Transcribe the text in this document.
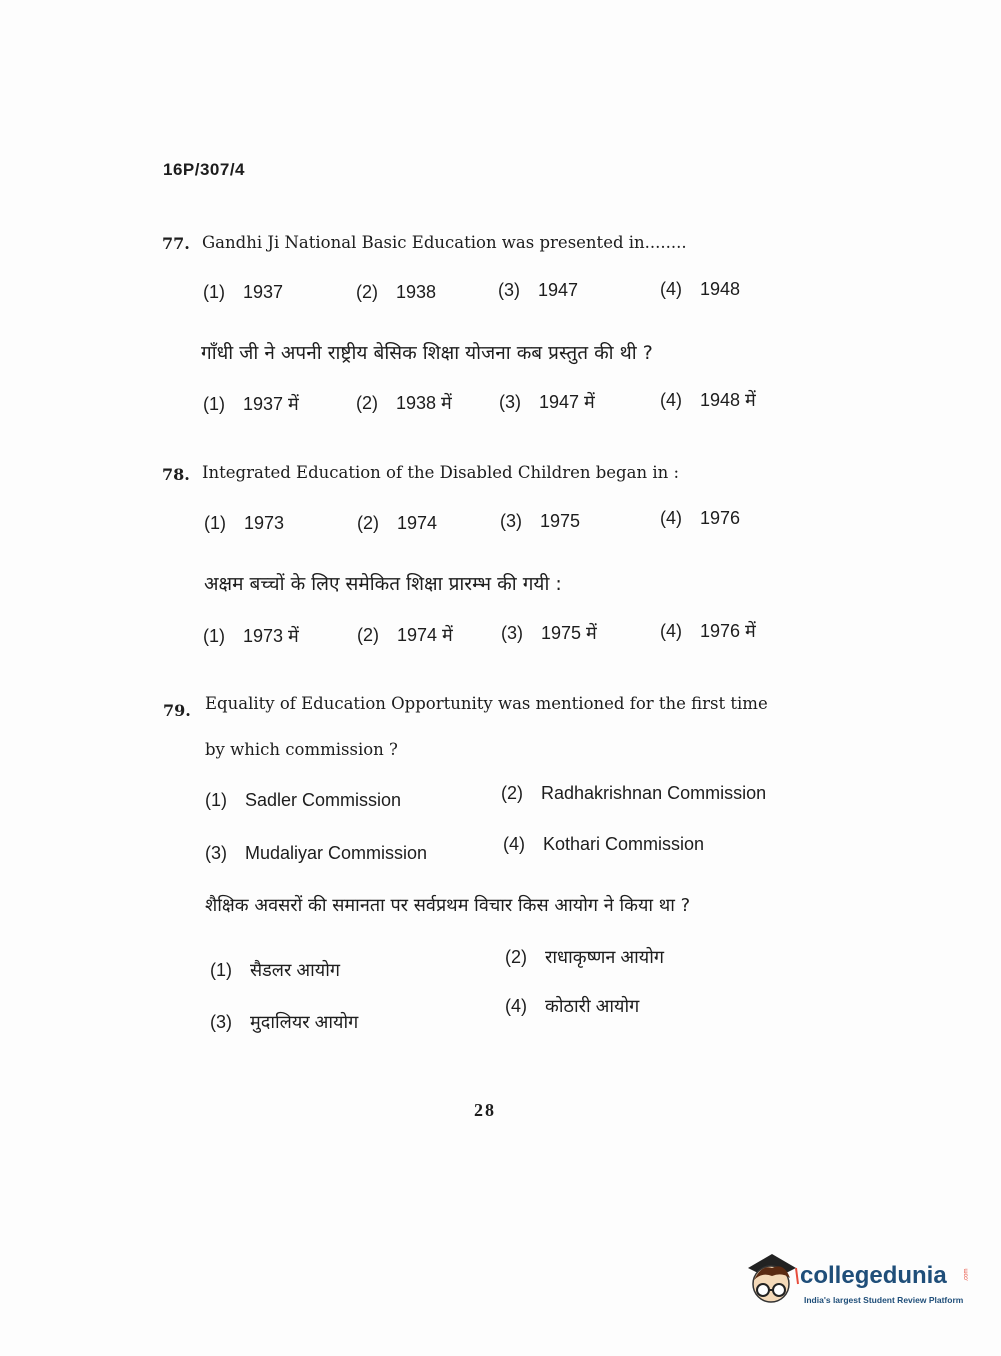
16P/307/4
77. Gandhi Ji National Basic Education was presented in........
(1) 1937	(2) 1938	(3) 1947	(4) 1948
गाँधी जी ने अपनी राष्ट्रीय बेसिक शिक्षा योजना कब प्रस्तुत की थी ?
(1) 1937 में	(2) 1938 में	(3) 1947 में	(4) 1948 में
78. Integrated Education of the Disabled Children began in :
(1) 1973	(2) 1974	(3) 1975	(4) 1976
अक्षम बच्चों के लिए समेकित शिक्षा प्रारम्भ की गयी :
(1) 1973 में	(2) 1974 में	(3) 1975 में	(4) 1976 में
79. Equality of Education Opportunity was mentioned for the first time
by which commission ?
(1) Sadler Commission	(2) Radhakrishnan Commission
(3) Mudaliyar Commission	(4) Kothari Commission
शैक्षिक अवसरों की समानता पर सर्वप्रथम विचार किस आयोग ने किया था ?
(1) सैडलर आयोग
(2) राधाकृष्णन आयोग
(3) मुदालियर आयोग
(4) कोठारी आयोग
28
collegedunia	.com
India's largest Student Review Platform
